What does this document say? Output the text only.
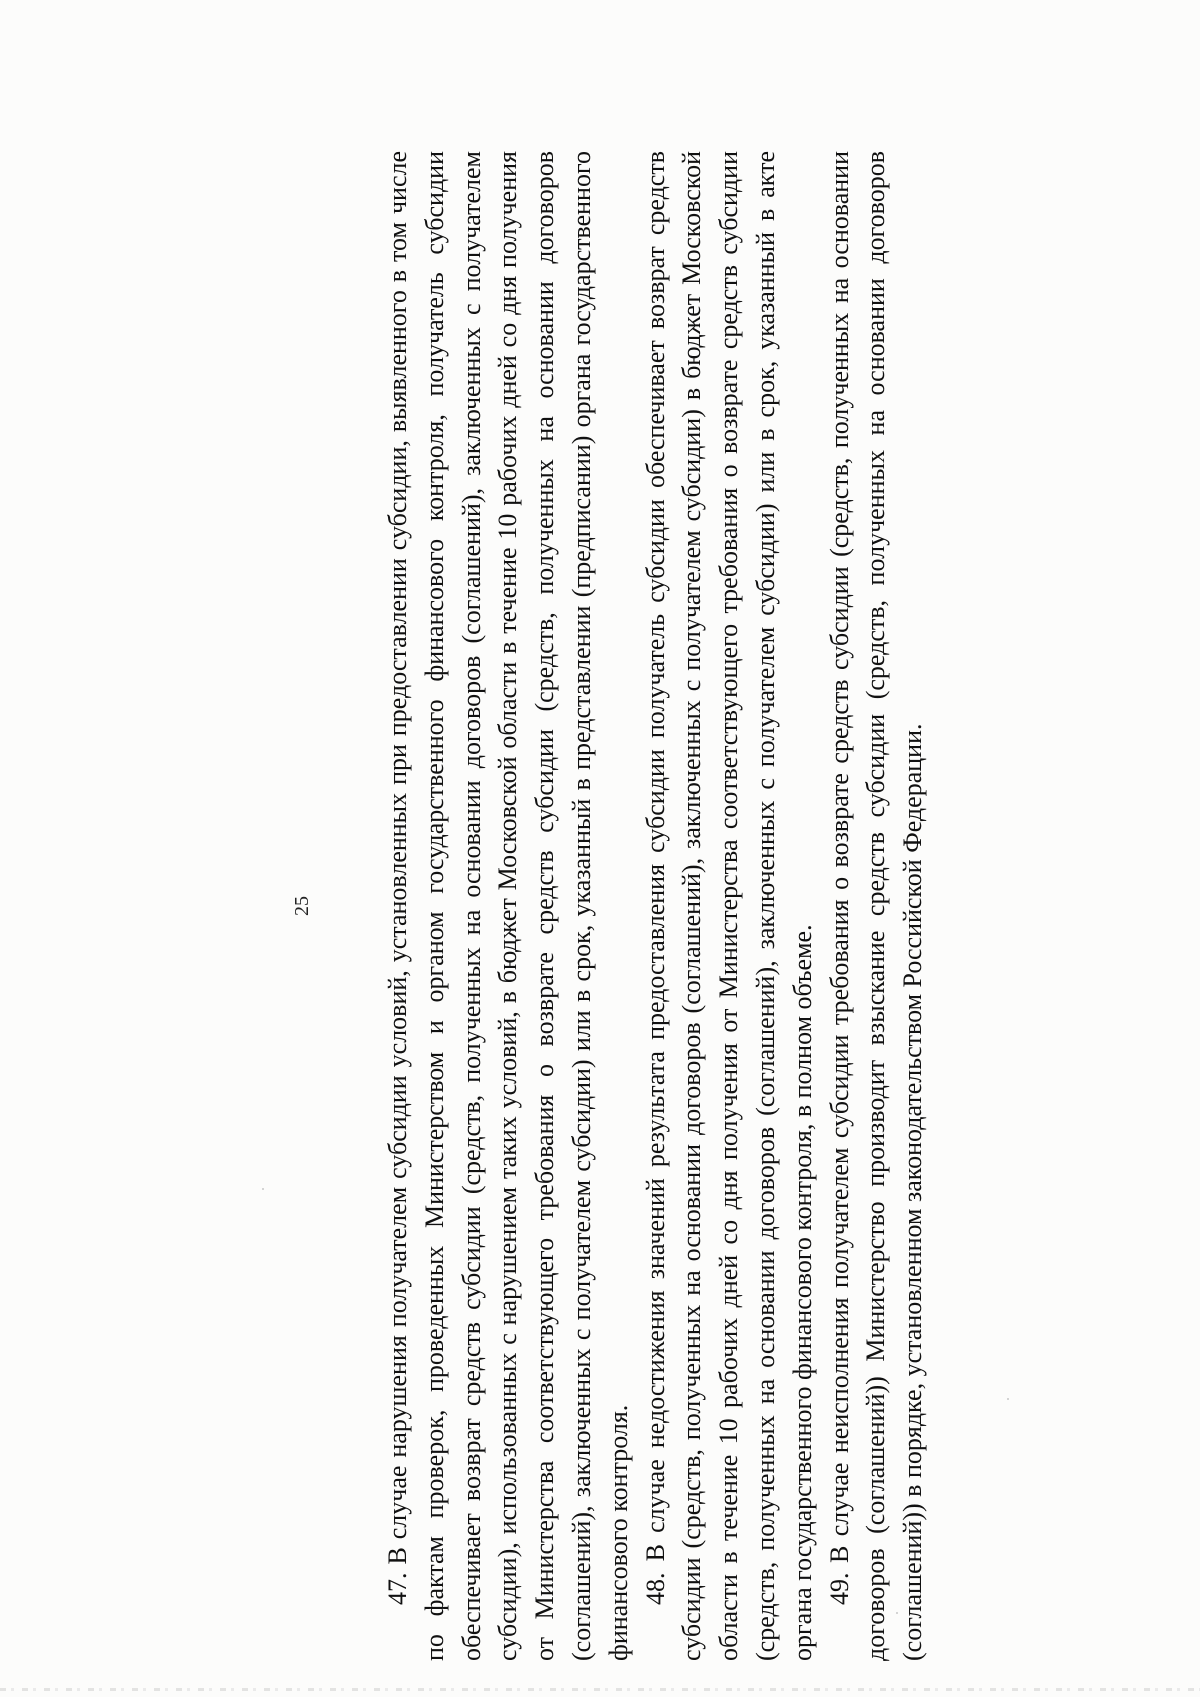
25	47. В случае нарушения получателем субсидии условий, установленных при предоставлении субсидии, выявленного в том числе по фактам проверок, проведенных Министерством и органом государственного финансового контроля, получатель субсидии обеспечивает возврат средств субсидии (средств, полученных на основании договоров (соглашений), заключенных с получателем субсидии), использованных с нарушением таких условий, в бюджет Московской области в течение 10 рабочих дней со дня получения от Министерства соответствующего требования о возврате средств субсидии (средств, полученных на основании договоров (соглашений), заключенных с получателем субсидии) или в срок, указанный в представлении (предписании) органа государственного финансового контроля. 48. В случае недостижения значений результата предоставления субсидии получатель субсидии обеспечивает возврат средств субсидии (средств, полученных на основании договоров (соглашений), заключенных с получателем субсидии) в бюджет Московской области в течение 10 рабочих дней со дня получения от Министерства соответствующего требования о возврате средств субсидии (средств, полученных на основании договоров (соглашений), заключенных с получателем субсидии) или в срок, указанный в акте органа государственного финансового контроля, в полном объеме. 49. В случае неисполнения получателем субсидии требования о возврате средств субсидии (средств, полученных на основании договоров (соглашений)) Министерство производит взыскание средств субсидии (средств, полученных на основании договоров (соглашений)) в порядке, установленном законодательством Российской Федерации.
